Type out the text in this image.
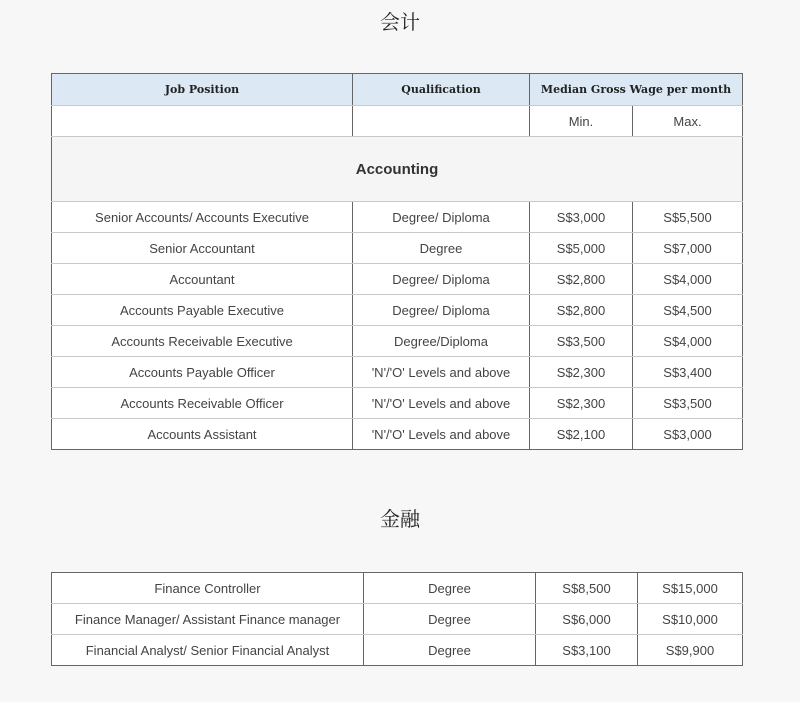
会计
Job Position	Qualification	Median Gross Wage per month	
		Min.	Max.
Accounting			
Senior Accounts/ Accounts Executive	Degree/ Diploma	S$3,000	S$5,500
Senior Accountant	Degree	S$5,000	S$7,000
Accountant	Degree/ Diploma	S$2,800	S$4,000
Accounts Payable Executive	Degree/ Diploma	S$2,800	S$4,500
Accounts Receivable Executive	Degree/Diploma	S$3,500	S$4,000
Accounts Payable Officer	'N'/'O' Levels and above	S$2,300	S$3,400
Accounts Receivable Officer	'N'/'O' Levels and above	S$2,300	S$3,500
Accounts Assistant	'N'/'O' Levels and above	S$2,100	S$3,000
金融
Finance Controller	Degree	S$8,500	S$15,000
Finance Manager/ Assistant Finance manager	Degree	S$6,000	S$10,000
Financial Analyst/ Senior Financial Analyst	Degree	S$3,100	S$9,900
